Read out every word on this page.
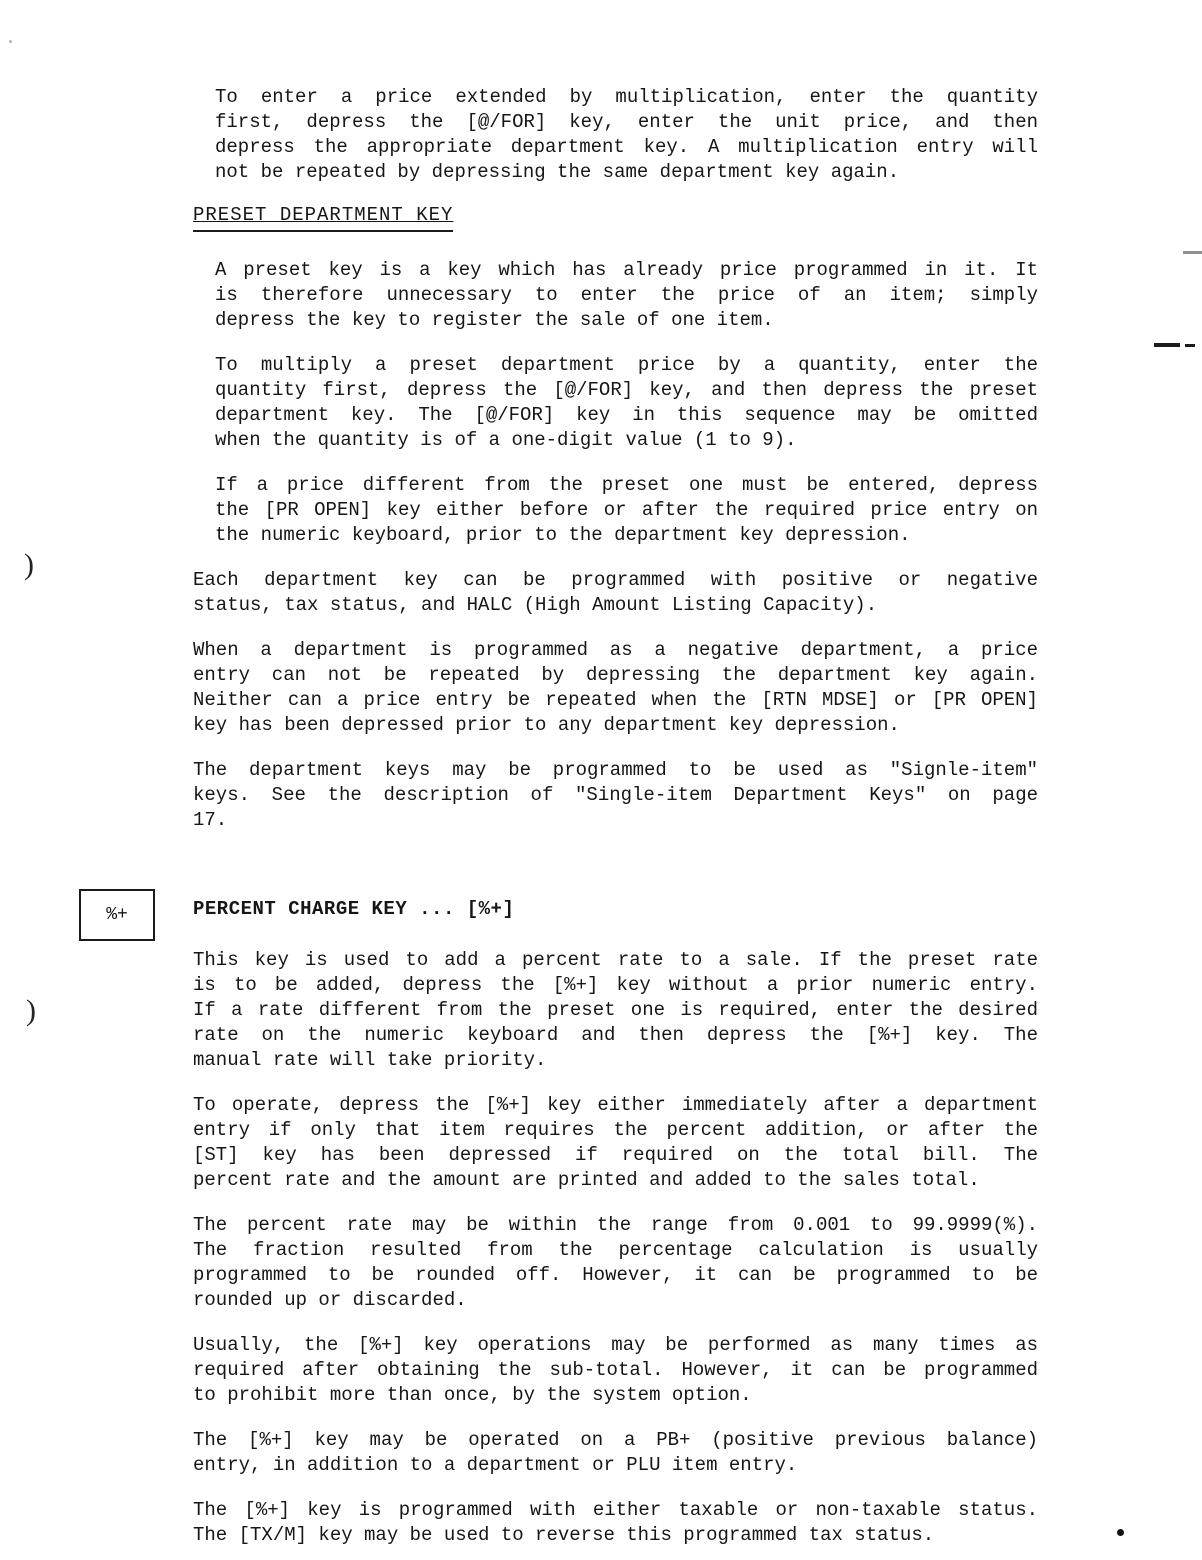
)
)
To enter a price extended by multiplication, enter the quantity
first, depress the [@/FOR] key, enter the unit price, and then
depress the appropriate department key. A multiplication entry will
not be repeated by depressing the same department key again.
PRESET DEPARTMENT KEY
A preset key is a key which has already price programmed in it. It
is therefore unnecessary to enter the price of an item; simply
depress the key to register the sale of one item.
To multiply a preset department price by a quantity, enter the
quantity first, depress the [@/FOR] key, and then depress the preset
department key. The [@/FOR] key in this sequence may be omitted
when the quantity is of a one-digit value (1 to 9).
If a price different from the preset one must be entered, depress
the [PR OPEN] key either before or after the required price entry on
the numeric keyboard, prior to the department key depression.
Each department key can be programmed with positive or negative
status, tax status, and HALC (High Amount Listing Capacity).
When a department is programmed as a negative department, a price
entry can not be repeated by depressing the department key again.
Neither can a price entry be repeated when the [RTN MDSE] or [PR OPEN]
key has been depressed prior to any department key depression.
The department keys may be programmed to be used as "Signle-item"
keys. See the description of "Single-item Department Keys" on page
17.
%+	PERCENT CHARGE KEY ... [%+]
This key is used to add a percent rate to a sale. If the preset rate
is to be added, depress the [%+] key without a prior numeric entry.
If a rate different from the preset one is required, enter the desired
rate on the numeric keyboard and then depress the [%+] key. The
manual rate will take priority.
To operate, depress the [%+] key either immediately after a department
entry if only that item requires the percent addition, or after the
[ST] key has been depressed if required on the total bill. The
percent rate and the amount are printed and added to the sales total.
The percent rate may be within the range from 0.001 to 99.9999(%).
The fraction resulted from the percentage calculation is usually
programmed to be rounded off. However, it can be programmed to be
rounded up or discarded.
Usually, the [%+] key operations may be performed as many times as
required after obtaining the sub-total. However, it can be programmed
to prohibit more than once, by the system option.
The [%+] key may be operated on a PB+ (positive previous balance)
entry, in addition to a department or PLU item entry.
The [%+] key is programmed with either taxable or non-taxable status.
The [TX/M] key may be used to reverse this programmed tax status.
